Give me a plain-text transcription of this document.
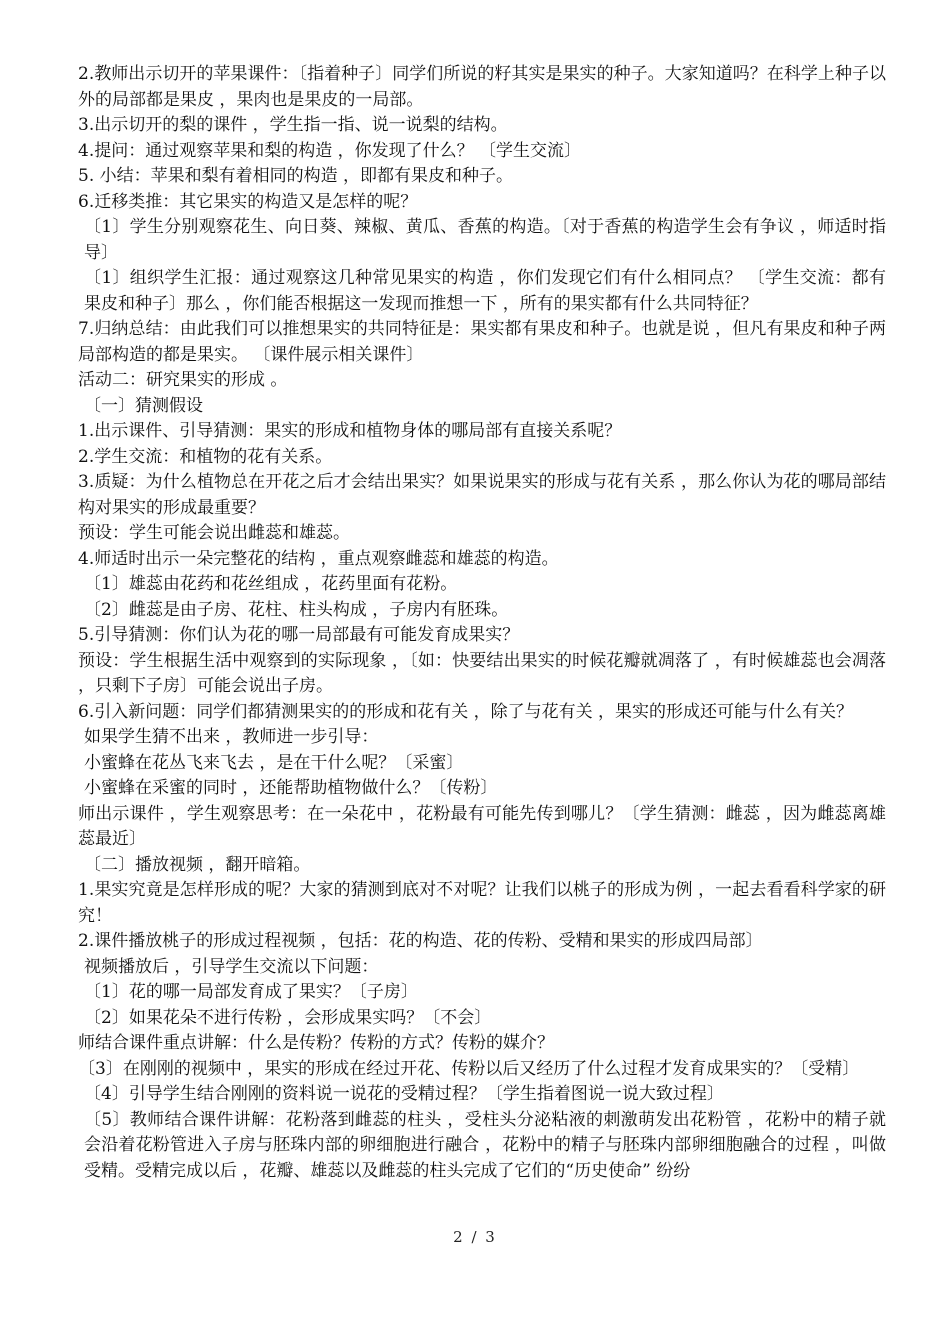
2.教师出示切开的苹果课件：〔指着种子〕同学们所说的籽其实是果实的种子。大家知道吗？在科学上种子以外的局部都是果皮 ，果肉也是果皮的一局部。

3.出示切开的梨的课件 ，学生指一指、说一说梨的结构。

4.提问：通过观察苹果和梨的构造 ，你发现了什么？ 〔学生交流〕

5. 小结：苹果和梨有着相同的构造 ，即都有果皮和种子。

6.迁移类推：其它果实的构造又是怎样的呢？

〔1〕学生分别观察花生、向日葵、辣椒、黄瓜、香蕉的构造。〔对于香蕉的构造学生会有争议 ，师适时指导〕

〔1〕组织学生汇报：通过观察这几种常见果实的构造 ，你们发现它们有什么相同点？ 〔学生交流：都有果皮和种子〕那么 ，你们能否根据这一发现而推想一下 ，所有的果实都有什么共同特征？

7.归纳总结：由此我们可以推想果实的共同特征是：果实都有果皮和种子。也就是说 ，但凡有果皮和种子两局部构造的都是果实。 〔课件展示相关课件〕

活动二：研究果实的形成 。

〔一〕猜测假设

1.出示课件、引导猜测：果实的形成和植物身体的哪局部有直接关系呢？

2.学生交流：和植物的花有关系。

3.质疑：为什么植物总在开花之后才会结出果实？如果说果实的形成与花有关系 ，那么你认为花的哪局部结构对果实的形成最重要？

预设：学生可能会说出雌蕊和雄蕊。

4.师适时出示一朵完整花的结构 ，重点观察雌蕊和雄蕊的构造。

〔1〕雄蕊由花药和花丝组成 ，花药里面有花粉。

〔2〕雌蕊是由子房、花柱、柱头构成 ，子房内有胚珠。

5.引导猜测：你们认为花的哪一局部最有可能发育成果实？

预设：学生根据生活中观察到的实际现象 ，〔如：快要结出果实的时候花瓣就凋落了 ，有时候雄蕊也会凋落 ，只剩下子房〕可能会说出子房。

6.引入新问题：同学们都猜测果实的的形成和花有关 ，除了与花有关 ，果实的形成还可能与什么有关？

如果学生猜不出来 ，教师进一步引导：

小蜜蜂在花丛飞来飞去 ，是在干什么呢？〔采蜜〕

小蜜蜂在采蜜的同时 ，还能帮助植物做什么？〔传粉〕

师出示课件 ，学生观察思考：在一朵花中 ，花粉最有可能先传到哪儿？〔学生猜测：雌蕊 ，因为雌蕊离雄蕊最近〕

〔二〕播放视频 ，翻开暗箱。

1.果实究竟是怎样形成的呢？大家的猜测到底对不对呢？让我们以桃子的形成为例 ，一起去看看科学家的研究！

2.课件播放桃子的形成过程视频 ，包括：花的构造、花的传粉、受精和果实的形成四局部〕

视频播放后 ，引导学生交流以下问题：

〔1〕花的哪一局部发育成了果实？〔子房〕

〔2〕如果花朵不进行传粉 ，会形成果实吗？〔不会〕

师结合课件重点讲解：什么是传粉？传粉的方式？传粉的媒介？

〔3〕在刚刚的视频中 ，果实的形成在经过开花、传粉以后又经历了什么过程才发育成果实的？〔受精〕

〔4〕引导学生结合刚刚的资料说一说花的受精过程？〔学生指着图说一说大致过程〕

〔5〕教师结合课件讲解：花粉落到雌蕊的柱头 ，受柱头分泌粘液的刺激萌发出花粉管 ，花粉中的精子就会沿着花粉管进入子房与胚珠内部的卵细胞进行融合 ，花粉中的精子与胚珠内部卵细胞融合的过程 ，叫做受精。受精完成以后 ，花瓣、雄蕊以及雌蕊的柱头完成了它们的“历史使命” 纷纷

2 / 3
